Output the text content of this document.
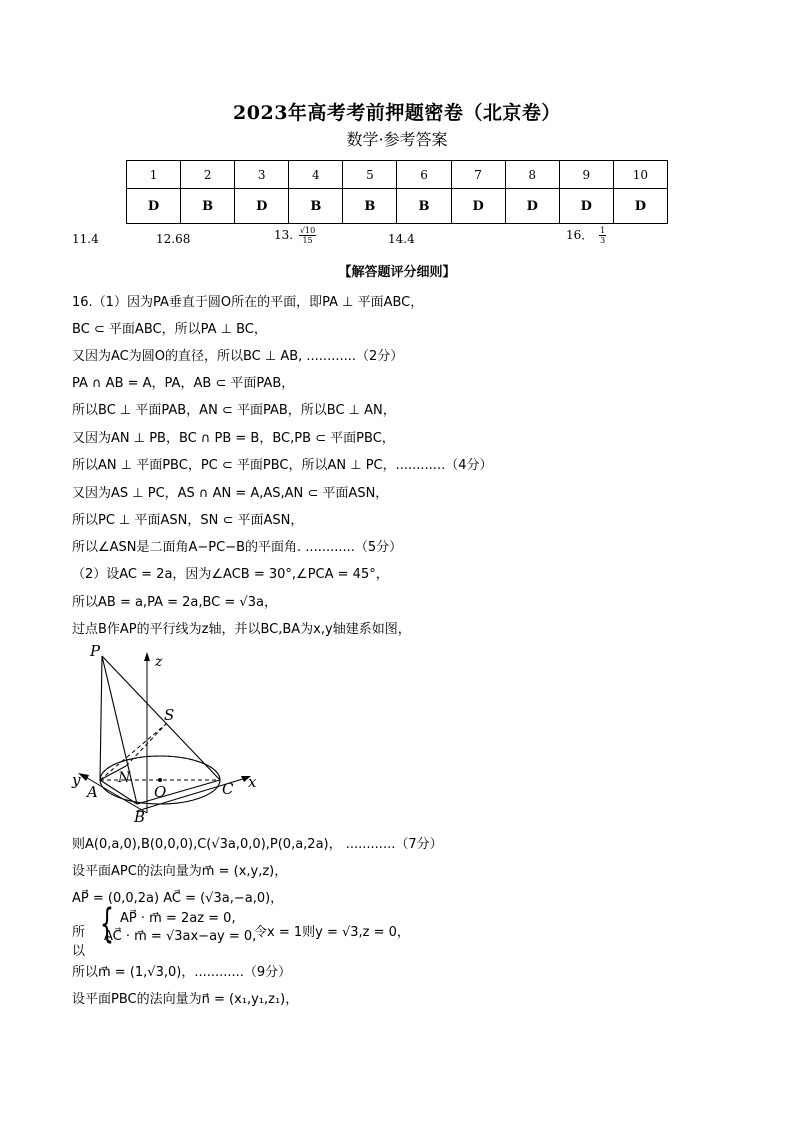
2023年高考考前押题密卷（北京卷）
数学·参考答案
1	2	3	4	5	6	7	8	9	10
D	B	D	B	B	B	D	D	D	D
11.4	12.68	13. $\frac{√10}{15}$	14.4	16． $\frac{1}{3}$
【解答题评分细则】
16.（1）因为PA垂直于圆O所在的平面，即PA ⊥ 平面ABC，
BC ⊂ 平面ABC，所以PA ⊥ BC，
又因为AC为圆O的直径，所以BC ⊥ AB, ............（2分）
PA ∩ AB = A，PA，AB ⊂ 平面PAB，
所以BC ⊥ 平面PAB，AN ⊂ 平面PAB，所以BC ⊥ AN，
又因为AN ⊥ PB，BC ∩ PB = B，BC,PB ⊂ 平面PBC，
所以AN ⊥ 平面PBC，PC ⊂ 平面PBC，所以AN ⊥ PC，............（4分）
又因为AS ⊥ PC，AS ∩ AN = A,AS,AN ⊂ 平面ASN，
所以PC ⊥ 平面ASN，SN ⊂ 平面ASN，
所以∠ASN是二面角A−PC−B的平面角. ............（5分）
（2）设AC = 2a，因为∠ACB = 30°,∠PCA = 45°，
所以AB = a,PA = 2a,BC = √3a，
过点B作AP的平行线为z轴，并以BC,BA为x,y轴建系如图，
P
z
S
y	N
O	C x
A
B
则A(0,a,0),B(0,0,0),C(√3a,0,0),P(0,a,2a)， ............（7分）
设平面APC的法向量为m⃗ = (x,y,z)，
AP⃗ = (0,0,2a) AC⃗ = (√3a,−a,0)，
所以
{ AP⃗ · m⃗ = 2az = 0,
AC⃗ · m⃗ = √3ax−ay = 0,
令x = 1则y = √3,z = 0，
所以m⃗ = (1,√3,0)，............（9分）
设平面PBC的法向量为n⃗ = (x₁,y₁,z₁)，
